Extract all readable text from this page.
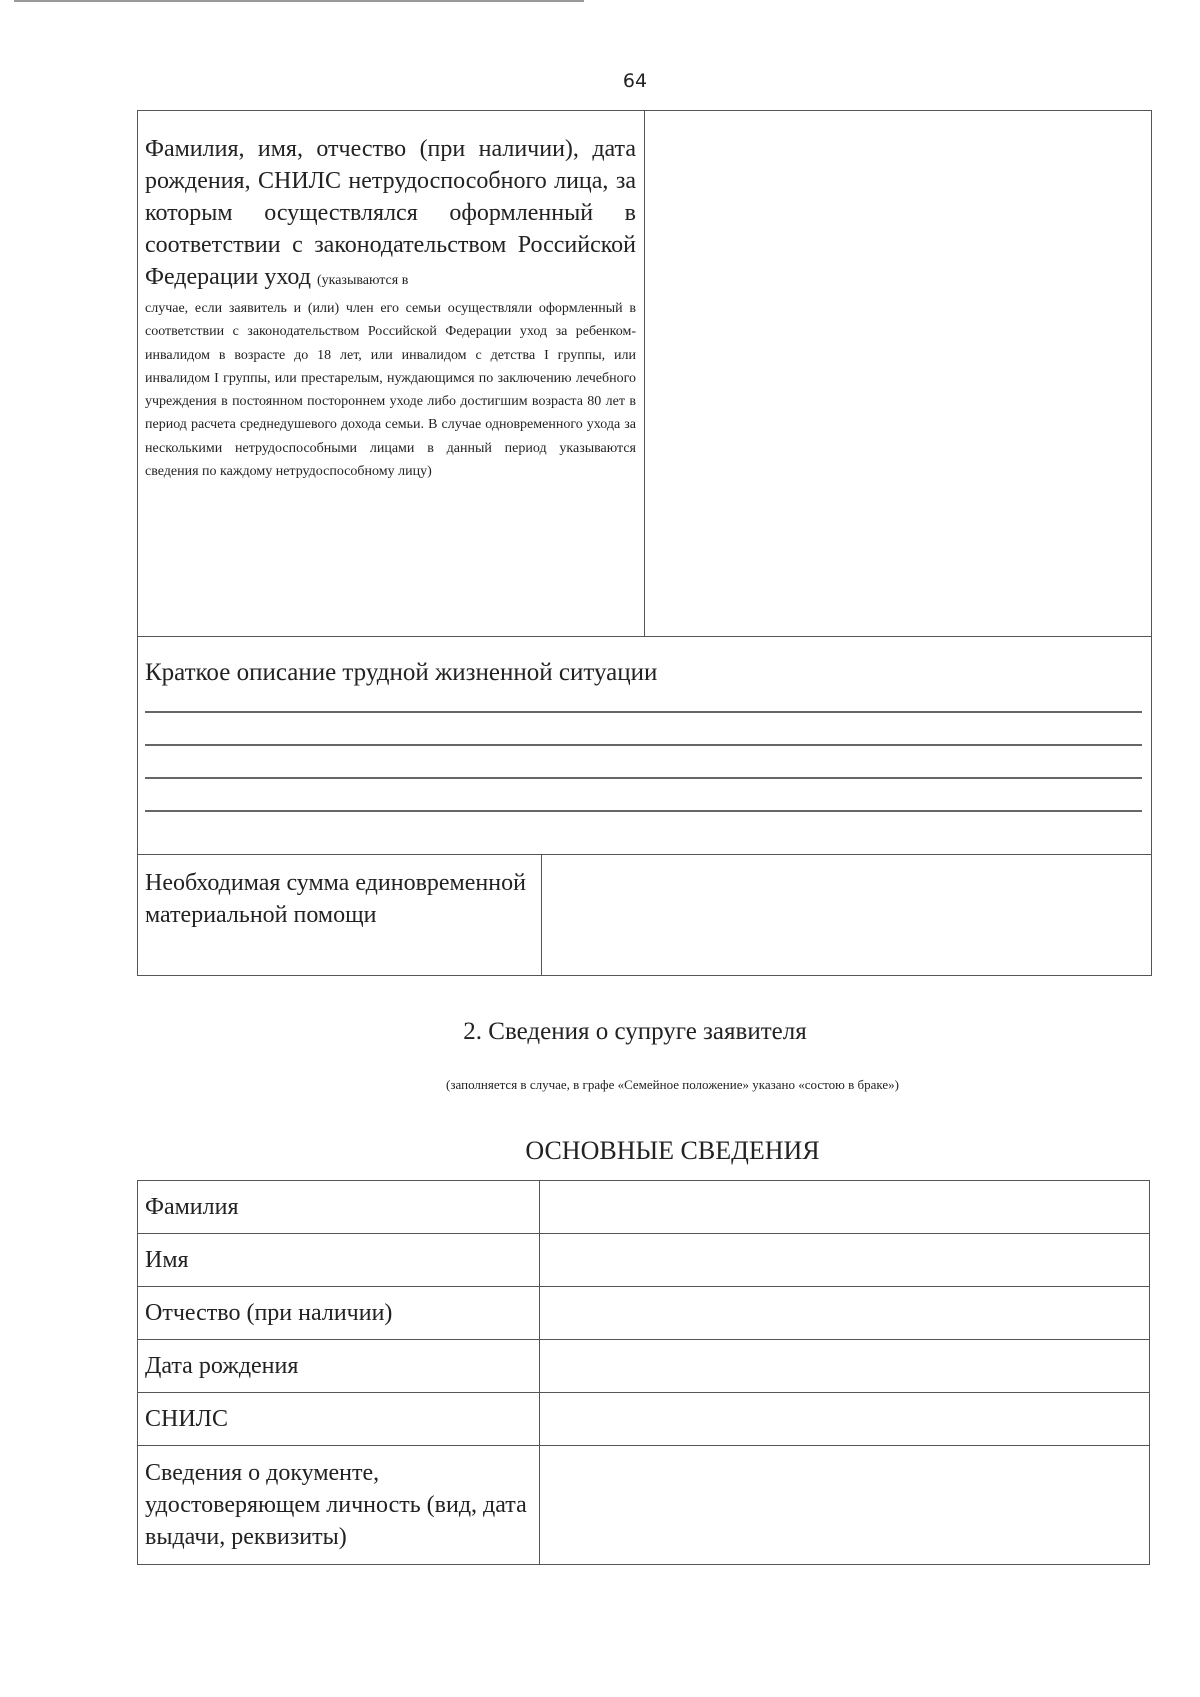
64
Фамилия, имя, отчество (при наличии), дата рождения, СНИЛС нетрудоспособного лица, за которым осуществлялся оформленный в соответствии с законодательством Российской Федерации уход (указываются в
случае, если заявитель и (или) член его семьи осуществляли оформленный в соответствии с законодательством Российской Федерации уход за ребенком-инвалидом в возрасте до 18 лет, или инвалидом с детства I группы, или инвалидом I группы, или престарелым, нуждающимся по заключению лечебного учреждения в постоянном постороннем уходе либо достигшим возраста 80 лет в период расчета среднедушевого дохода семьи. В случае одновременного ухода за несколькими нетрудоспособными лицами в данный период указываются сведения по каждому нетрудоспособному лицу)
Краткое описание трудной жизненной ситуации
Необходимая сумма единовременной материальной помощи
2. Сведения о супруге заявителя
(заполняется в случае, в графе «Семейное положение» указано «состою в браке»)
ОСНОВНЫЕ СВЕДЕНИЯ
Фамилия	
Имя	
Отчество (при наличии)	
Дата рождения	
СНИЛС	
Сведения о документе, удостоверяющем личность (вид, дата выдачи, реквизиты)	
